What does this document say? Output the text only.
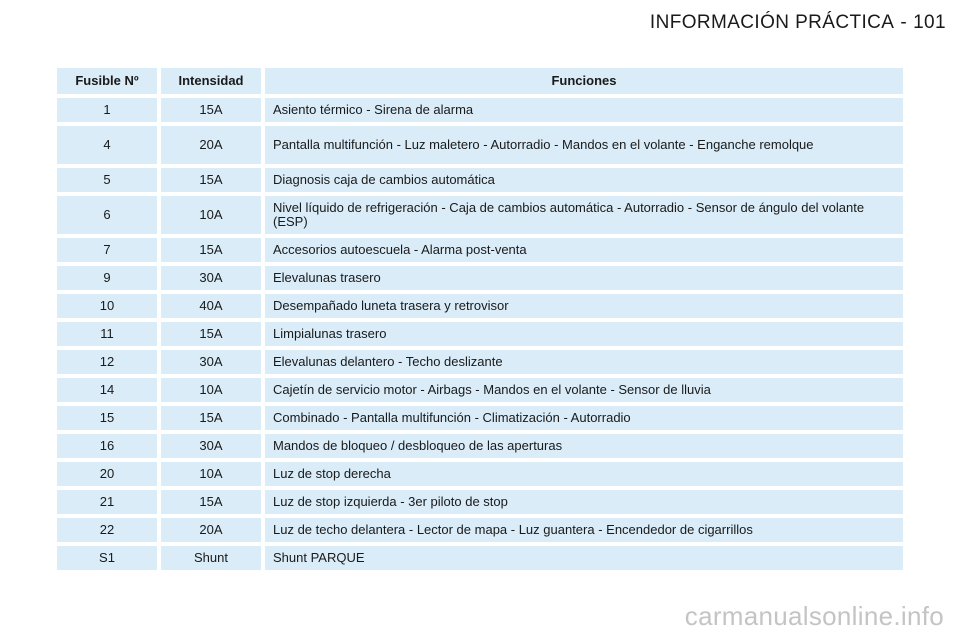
INFORMACIÓN PRÁCTICA - 101
Fusible Nº	Intensidad	Funciones
1	15A	Asiento térmico - Sirena de alarma
4	20A	Pantalla multifunción - Luz maletero - Autorradio - Mandos en el volante - Enganche remolque
5	15A	Diagnosis caja de cambios automática
6	10A	Nivel líquido de refrigeración - Caja de cambios automática - Autorradio - Sensor de ángulo del volante (ESP)
7	15A	Accesorios autoescuela - Alarma post-venta
9	30A	Elevalunas trasero
10	40A	Desempañado luneta trasera y retrovisor
11	15A	Limpialunas trasero
12	30A	Elevalunas delantero - Techo deslizante
14	10A	Cajetín de servicio motor - Airbags - Mandos en el volante - Sensor de lluvia
15	15A	Combinado - Pantalla multifunción - Climatización - Autorradio
16	30A	Mandos de bloqueo / desbloqueo de las aperturas
20	10A	Luz de stop derecha
21	15A	Luz de stop izquierda - 3er piloto de stop
22	20A	Luz de techo delantera - Lector de mapa - Luz guantera - Encendedor de cigarrillos
S1	Shunt	Shunt PARQUE
carmanualsonline.info
